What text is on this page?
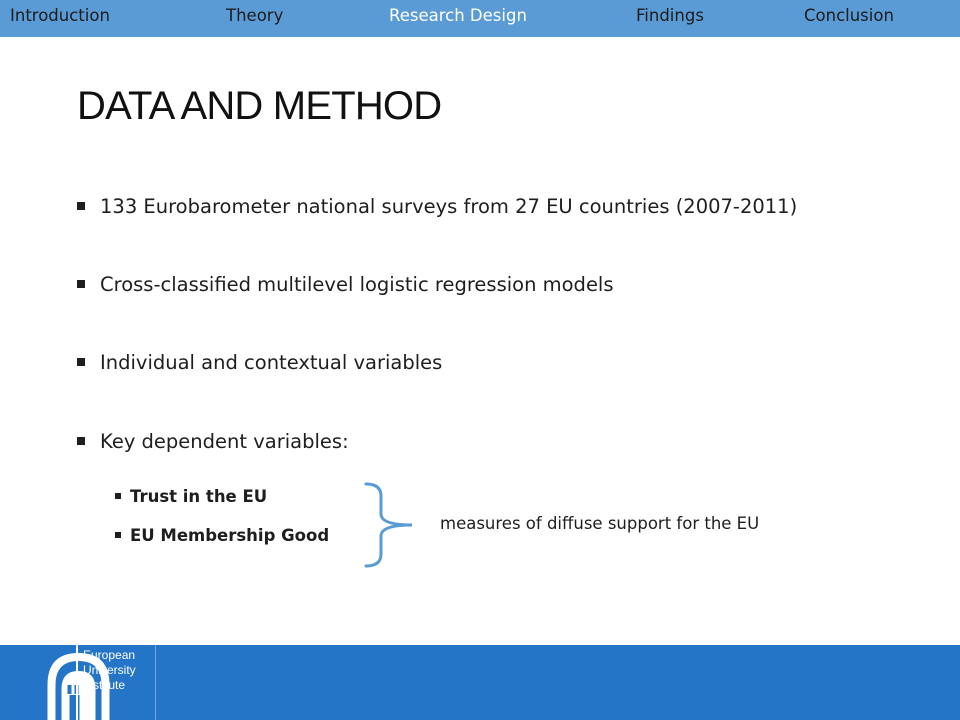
Introduction	Theory	Research Design	Findings	Conclusion
DATA AND METHOD
133 Eurobarometer national surveys from 27 EU countries (2007-2011)
Cross-classified multilevel logistic regression models
Individual and contextual variables
Key dependent variables:
Trust in the EU
EU Membership Good
measures of diffuse support for the EU
European
University
Institute
